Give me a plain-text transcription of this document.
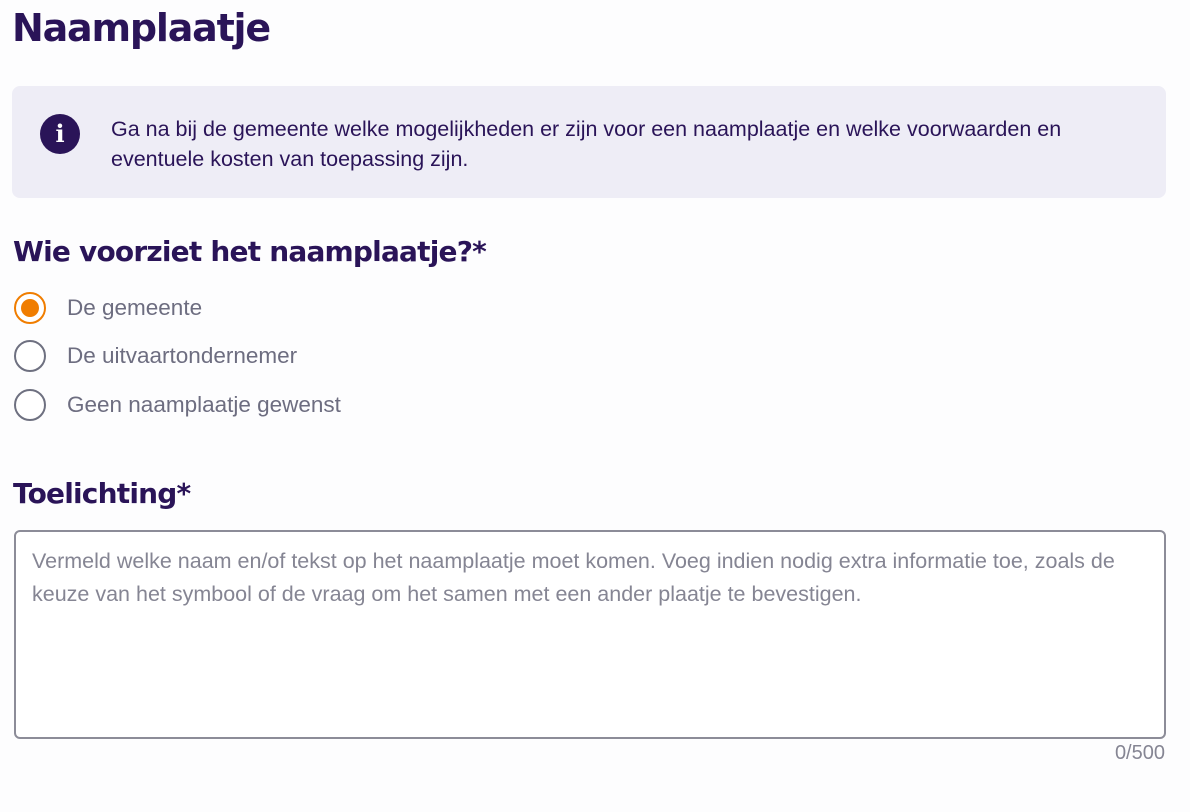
Naamplaatje
i	Ga na bij de gemeente welke mogelijkheden er zijn voor een naamplaatje en welke voorwaarden en eventuele kosten van toepassing zijn.

Wie voorziet het naamplaatje?*
De gemeente
De uitvaartondernemer
Geen naamplaatje gewenst
Toelichting*
Vermeld welke naam en/of tekst op het naamplaatje moet komen. Voeg indien nodig extra informatie toe, zoals de keuze van het symbool of de vraag om het samen met een ander plaatje te bevestigen.
0/500
